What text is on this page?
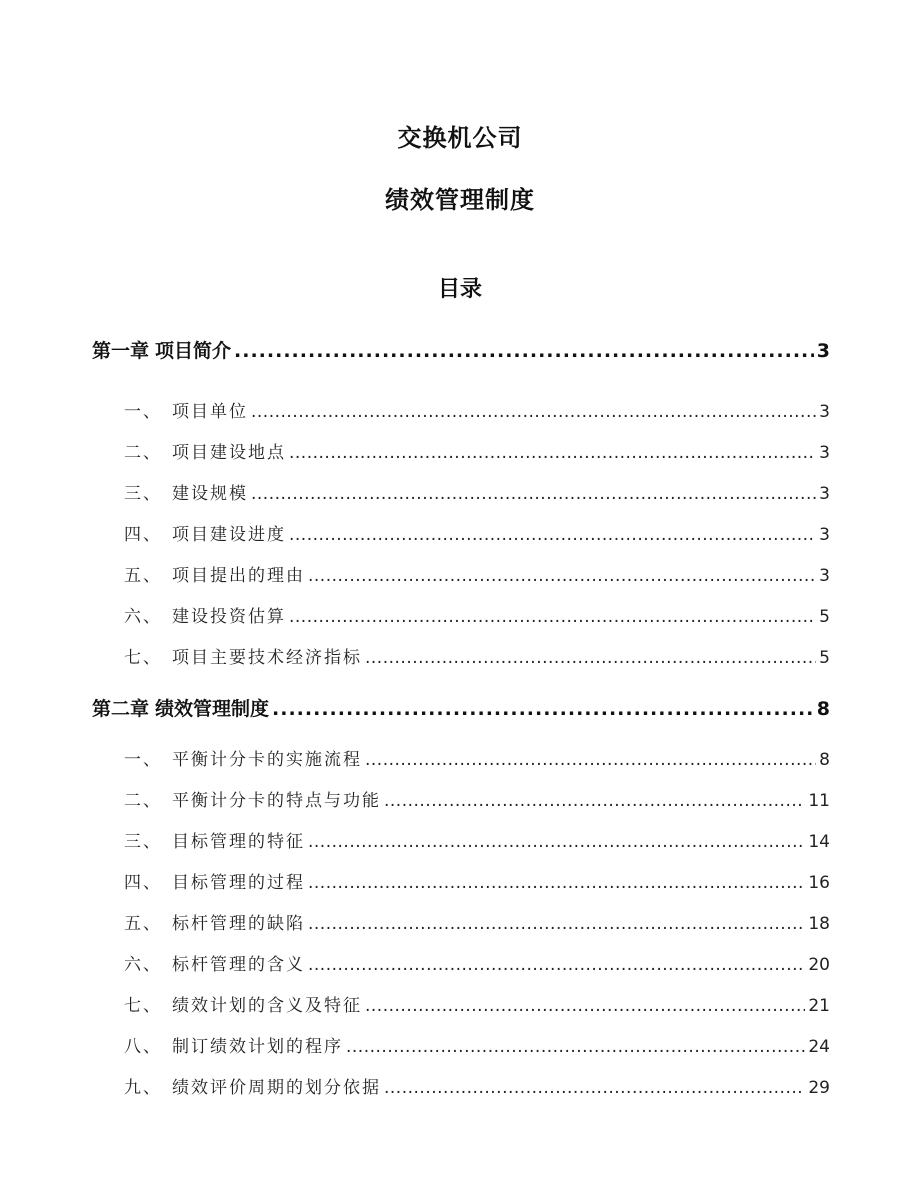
交换机公司
绩效管理制度
目录
第一章 项目简介 .....	3
一、 项目单位 .....	3
二、 项目建设地点 .....	3
三、 建设规模 .....	3
四、 项目建设进度 .....	3
五、 项目提出的理由 .....	3
六、 建设投资估算 .....	5
七、 项目主要技术经济指标 .....	5
第二章 绩效管理制度 .....	8
一、 平衡计分卡的实施流程 .....	8
二、 平衡计分卡的特点与功能 .....	11
三、 目标管理的特征 .....	14
四、 目标管理的过程 .....	16
五、 标杆管理的缺陷 .....	18
六、 标杆管理的含义 .....	20
七、 绩效计划的含义及特征 .....	21
八、 制订绩效计划的程序 .....	24
九、 绩效评价周期的划分依据 .....	29
